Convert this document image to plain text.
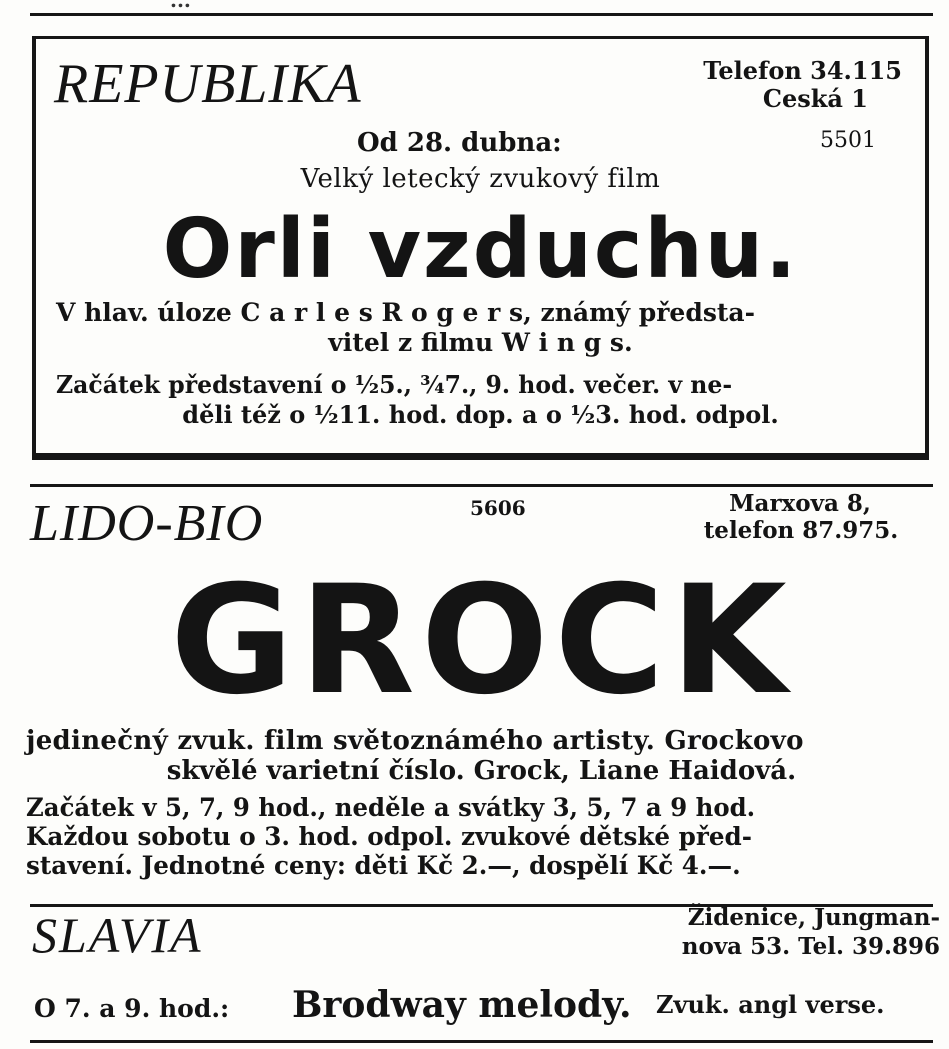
...
REPUBLIKA	Telefon 34.115
Ceská 1
Od 28. dubna:	5501
Velký letecký zvukový film
Orli vzduchu.
V hlav. úloze C a r l e s R o g e r s, známý předsta-
vitel z filmu W i n g s.
Začátek představení o ½5., ¾7., 9. hod. večer. v ne-
děli též o ½11. hod. dop. a o ½3. hod. odpol.
LIDO-BIO	5606	Marxova 8,
telefon 87.975.
GROCK
jedinečný zvuk. film světoznámého artisty. Grockovo
skvělé varietní číslo. Grock, Liane Haidová.
Začátek v 5, 7, 9 hod., neděle a svátky 3, 5, 7 a 9 hod.
Každou sobotu o 3. hod. odpol. zvukové dětské před-
stavení. Jednotné ceny: děti Kč 2.—, dospělí Kč 4.—.
SLAVIA	Židenice, Jungman-
nova 53. Tel. 39.896
O 7. a 9. hod.: Brodway melody. Zvuk. angl verse.
